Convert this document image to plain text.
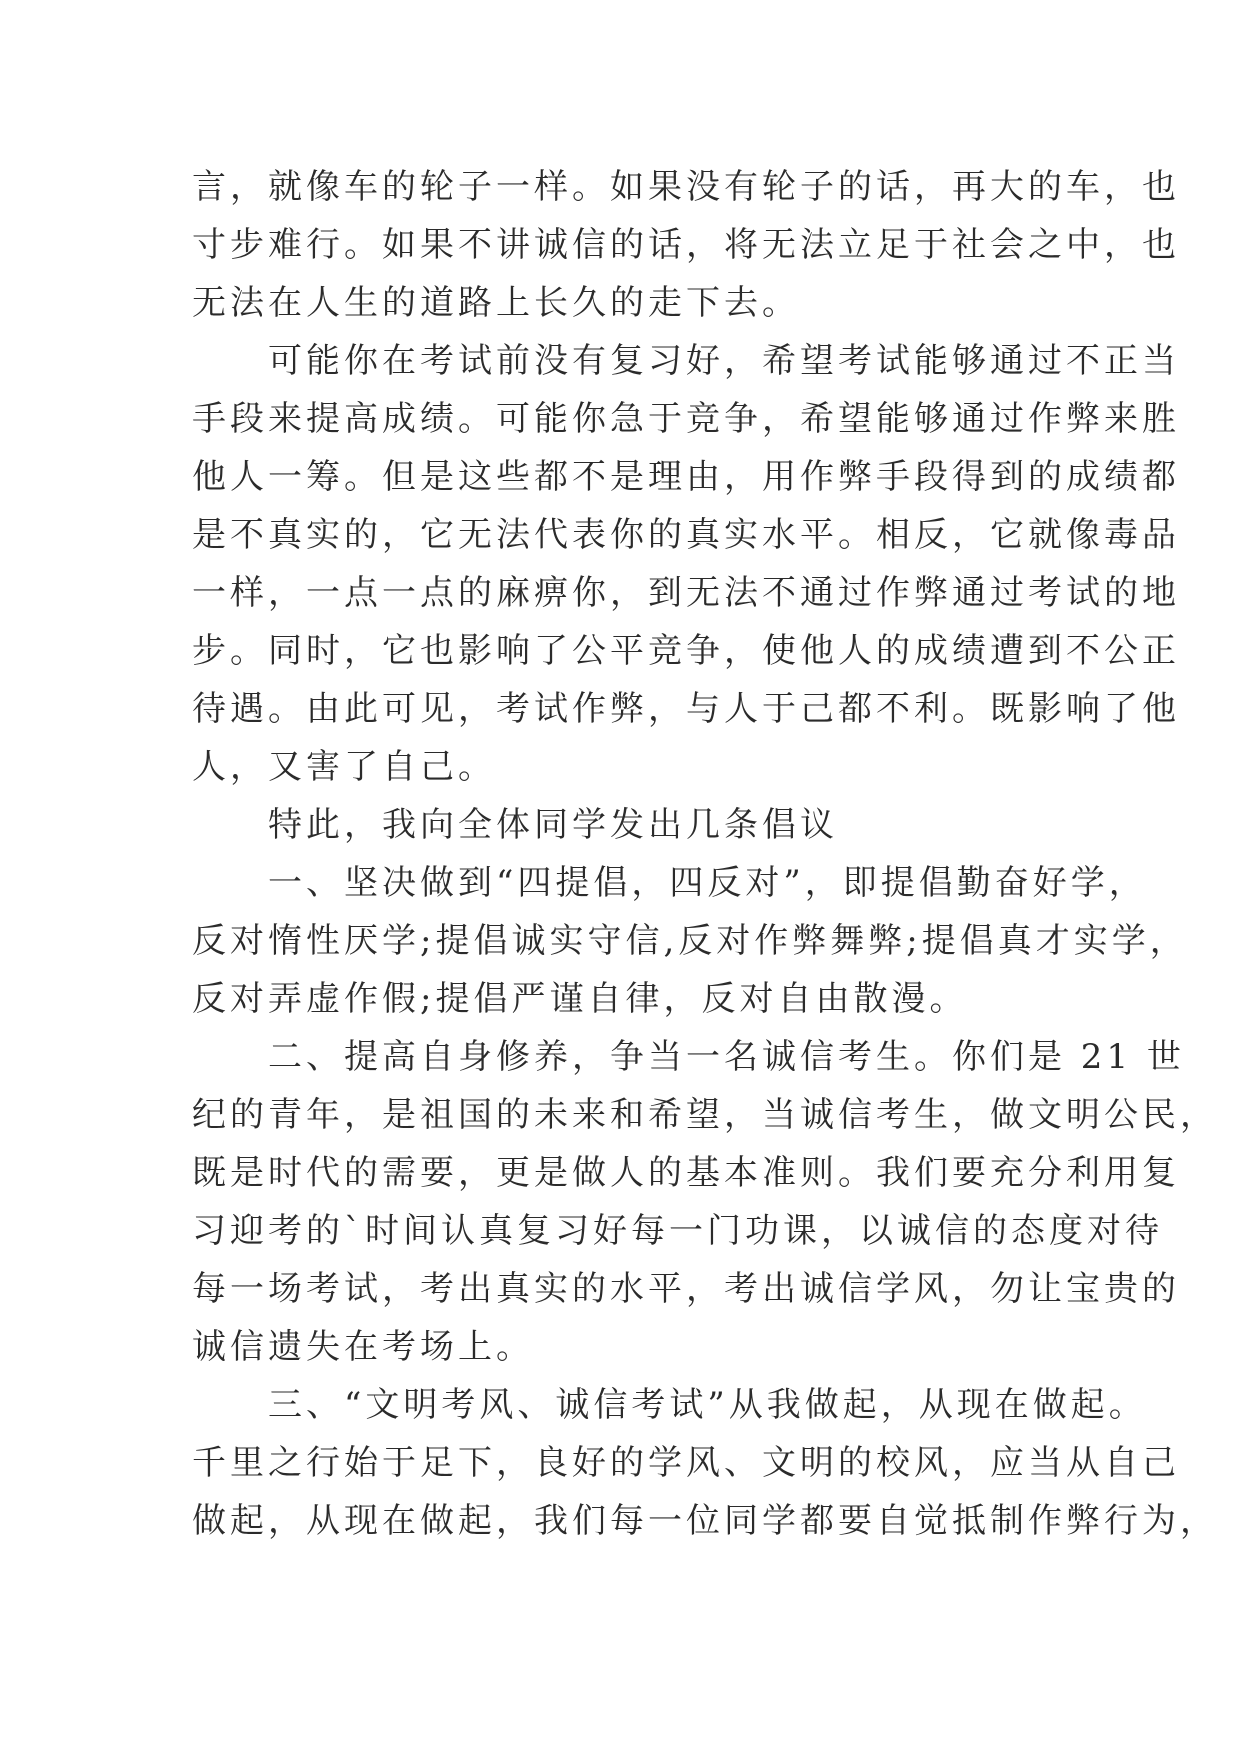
言，就像车的轮子一样。如果没有轮子的话，再大的车，也
寸步难行。如果不讲诚信的话，将无法立足于社会之中，也
无法在人生的道路上长久的走下去。
可能你在考试前没有复习好，希望考试能够通过不正当
手段来提高成绩。可能你急于竞争，希望能够通过作弊来胜
他人一筹。但是这些都不是理由，用作弊手段得到的成绩都
是不真实的，它无法代表你的真实水平。相反，它就像毒品
一样，一点一点的麻痹你，到无法不通过作弊通过考试的地
步。同时，它也影响了公平竞争，使他人的成绩遭到不公正
待遇。由此可见，考试作弊，与人于己都不利。既影响了他
人，又害了自己。
特此，我向全体同学发出几条倡议
一、坚决做到“四提倡，四反对”，即提倡勤奋好学，
反对惰性厌学;提倡诚实守信,反对作弊舞弊;提倡真才实学，
反对弄虚作假;提倡严谨自律，反对自由散漫。
二、提高自身修养，争当一名诚信考生。你们是 21 世
纪的青年，是祖国的未来和希望，当诚信考生，做文明公民，
既是时代的需要，更是做人的基本准则。我们要充分利用复
习迎考的`时间认真复习好每一门功课，以诚信的态度对待
每一场考试，考出真实的水平，考出诚信学风，勿让宝贵的
诚信遗失在考场上。
三、“文明考风、诚信考试”从我做起，从现在做起。
千里之行始于足下，良好的学风、文明的校风，应当从自己
做起，从现在做起，我们每一位同学都要自觉抵制作弊行为，
